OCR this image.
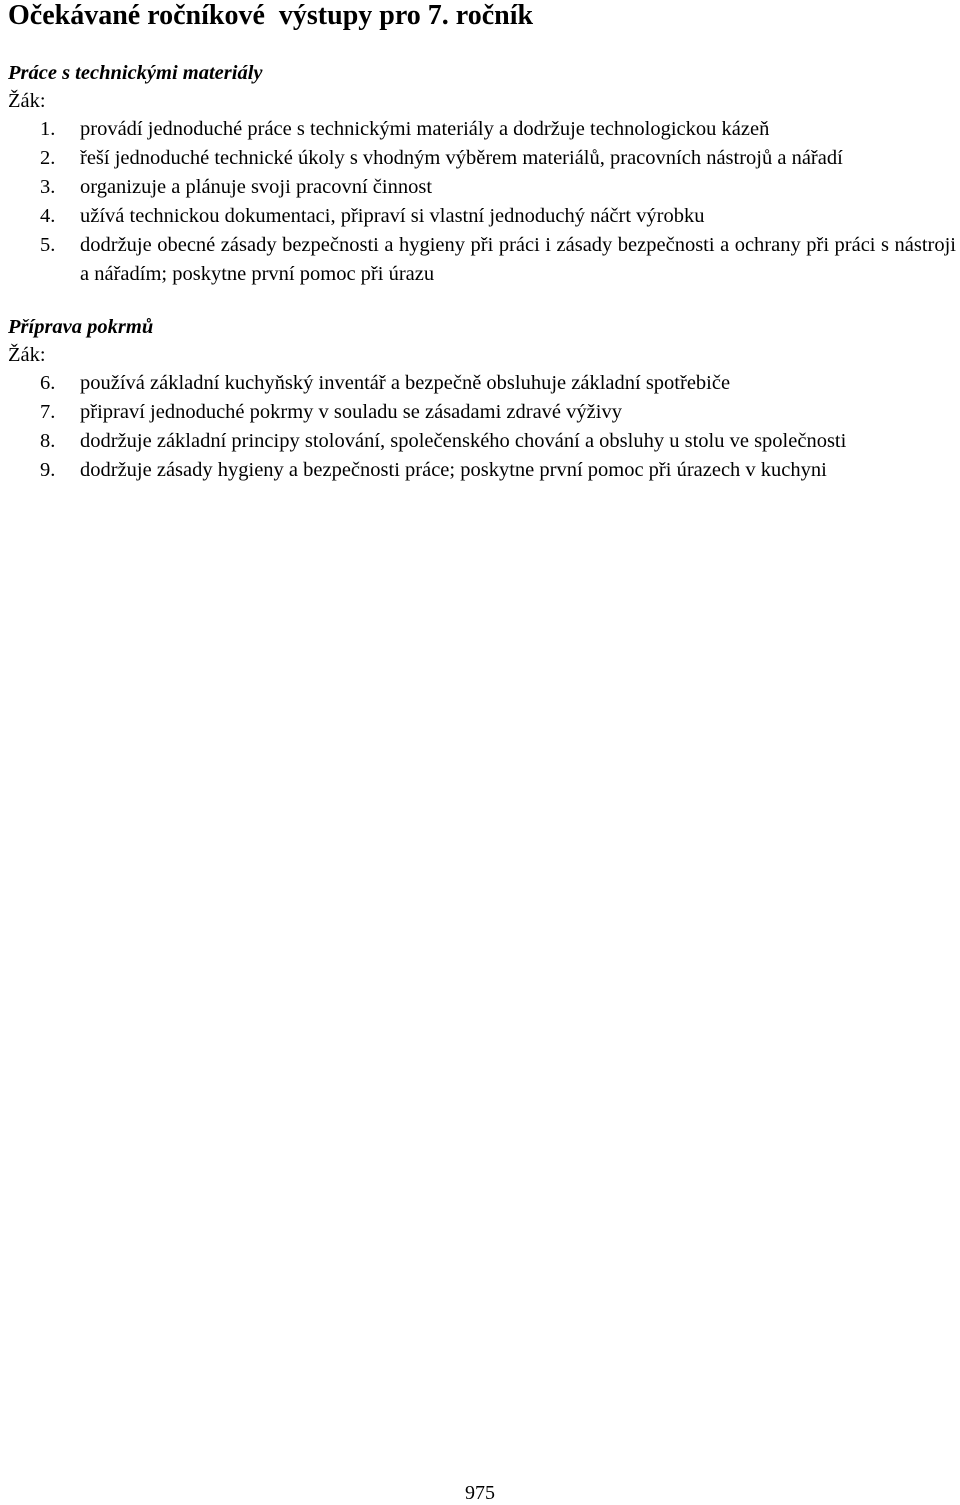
Očekávané ročníkové  výstupy pro 7. ročník

Práce s technickými materiály

Žák:

1. provádí jednoduché práce s technickými materiály a dodržuje technologickou kázeň
2. řeší jednoduché technické úkoly s vhodným výběrem materiálů, pracovních nástrojů a nářadí
3. organizuje a plánuje svoji pracovní činnost
4. užívá technickou dokumentaci, připraví si vlastní jednoduchý náčrt výrobku
5. dodržuje obecné zásady bezpečnosti a hygieny při práci i zásady bezpečnosti a ochrany při práci s nástroji a nářadím; poskytne první pomoc při úrazu

Příprava pokrmů

Žák:

6. používá základní kuchyňský inventář a bezpečně obsluhuje základní spotřebiče
7. připraví jednoduché pokrmy v souladu se zásadami zdravé výživy
8. dodržuje základní principy stolování, společenského chování a obsluhy u stolu ve společnosti
9. dodržuje zásady hygieny a bezpečnosti práce; poskytne první pomoc při úrazech v kuchyni
975
